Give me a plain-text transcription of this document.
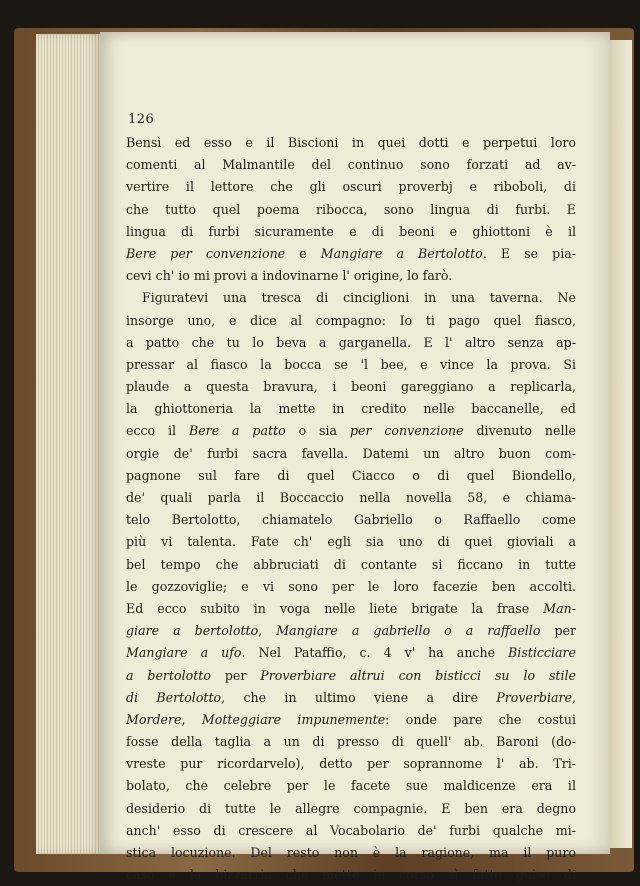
126
Bensì ed esso e il Biscioni in quei dotti e perpetui loro
comenti al Malmantile del continuo sono forzati ad av-
vertire il lettore che gli oscuri proverbj e riboboli, di
che tutto quel poema ribocca, sono lingua di furbi. E
lingua di furbi sicuramente e di beoni e ghiottoni è il
Bere per convenzione e Mangiare a Bertolotto. E se pia-
cevi ch' io mi provi a indovinarne l' origine, lo farò.
Figuratevi una tresca di cinciglioni in una taverna. Ne
insorge uno, e dice al compagno: Io ti pago quel fiasco,
a patto che tu lo beva a garganella. E l' altro senza ap-
pressar al fiasco la bocca se 'l bee, e vince la prova. Si
plaude a questa bravura, i beoni gareggiano a replicarla,
la ghiottoneria la mette in credito nelle baccanelle, ed
ecco il Bere a patto o sia per convenzione divenuto nelle
orgie de' furbi sacra favella. Datemi un altro buon com-
pagnone sul fare di quel Ciacco o di quel Biondello,
de' quali parla il Boccaccio nella novella 58, e chiama-
telo Bertolotto, chiamatelo Gabriello o Raffaello come
più vi talenta. Fate ch' egli sia uno di quei gioviali a
bel tempo che abbruciati di contante si ficcano in tutte
le gozzoviglie; e vi sono per le loro facezie ben accolti.
Ed ecco subito in voga nelle liete brigate la frase Man-
giare a bertolotto, Mangiare a gabriello o a raffaello per
Mangiare a ufo. Nel Pataffio, c. 4 v' ha anche Bisticciare
a bertolotto per Proverbiare altrui con bisticci su lo stile
di Bertolotto, che in ultimo viene a dire Proverbiare,
Mordere, Motteggiare impunemente: onde pare che costui
fosse della taglia a un di presso di quell' ab. Baroni (do-
vreste pur ricordarvelo), detto per soprannome l' ab. Tri-
bolato, che celebre per le facete sue maldicenze era il
desiderio di tutte le allegre compagnie. E ben era degno
anch' esso di crescere al Vocabolario de' furbi qualche mi-
stica locuzione. Del resto non è la ragione, ma il puro
caso e la bizzarria che mette in corso sì fatte guise di
